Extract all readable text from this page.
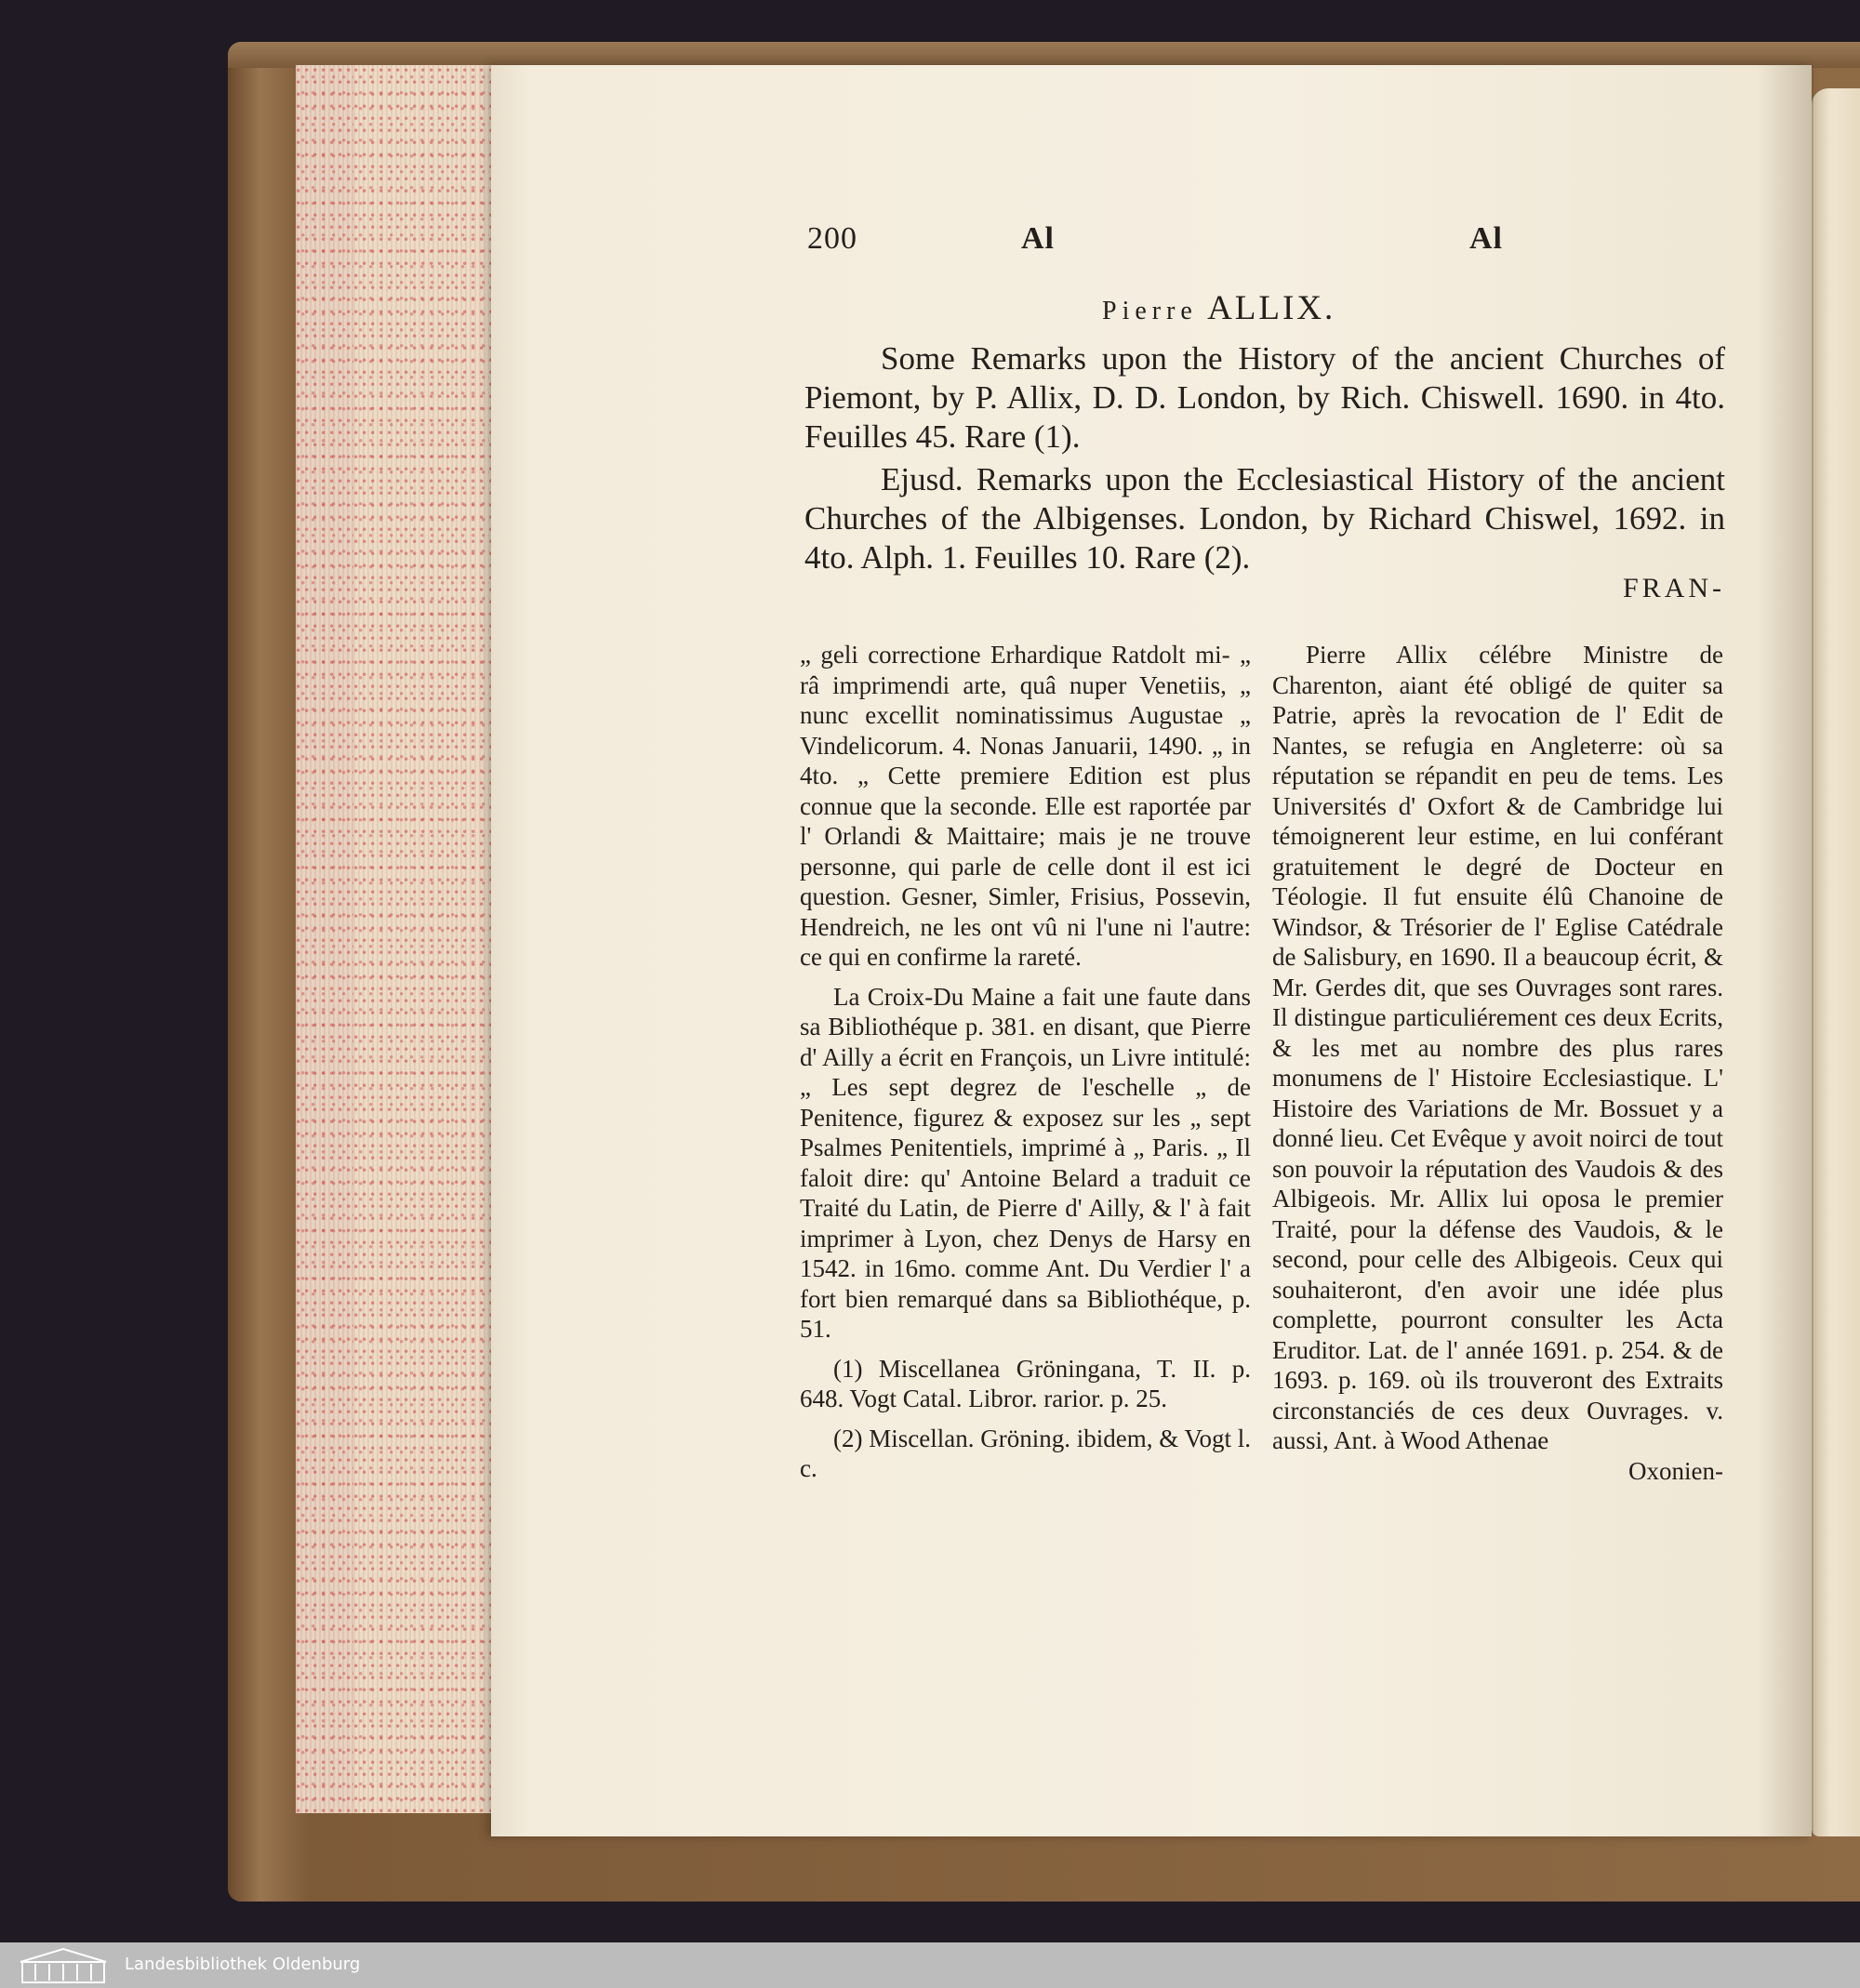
200	Al	Al
Pierre ALLIX.

Some Remarks upon the History of the ancient Churches of Piemont, by P. Allix, D. D. London, by Rich. Chiswell. 1690. in 4to. Feuilles 45. Rare (1).

Ejusd. Remarks upon the Ecclesiastical History of the ancient Churches of the Albigenses. London, by Richard Chiswel, 1692. in 4to. Alph. 1. Feuilles 10. Rare (2).

FRAN-

„ geli correctione Erhardique Ratdolt mi- „ râ imprimendi arte, quâ nuper Venetiis, „ nunc excellit nominatissimus Augustae „ Vindelicorum. 4. Nonas Januarii, 1490. „ in 4to. „ Cette premiere Edition est plus connue que la seconde. Elle est raportée par l' Orlandi & Maittaire; mais je ne trouve personne, qui parle de celle dont il est ici question. Gesner, Simler, Frisius, Possevin, Hendreich, ne les ont vû ni l'une ni l'autre: ce qui en confirme la rareté.

La Croix-Du Maine a fait une faute dans sa Bibliothéque p. 381. en disant, que Pierre d' Ailly a écrit en François, un Livre intitulé: „ Les sept degrez de l'eschelle „ de Penitence, figurez & exposez sur les „ sept Psalmes Penitentiels, imprimé à „ Paris. „ Il faloit dire: qu' Antoine Belard a traduit ce Traité du Latin, de Pierre d' Ailly, & l' à fait imprimer à Lyon, chez Denys de Harsy en 1542. in 16mo. comme Ant. Du Verdier l' a fort bien remarqué dans sa Bibliothéque, p. 51.

(1) Miscellanea Gröningana, T. II. p. 648. Vogt Catal. Libror. rarior. p. 25.

(2) Miscellan. Gröning. ibidem, & Vogt l. c.

Pierre Allix célébre Ministre de Charenton, aiant été obligé de quiter sa Patrie, après la revocation de l' Edit de Nantes, se refugia en Angleterre: où sa réputation se répandit en peu de tems. Les Universités d' Oxfort & de Cambridge lui témoignerent leur estime, en lui conférant gratuitement le degré de Docteur en Téologie. Il fut ensuite élû Chanoine de Windsor, & Trésorier de l' Eglise Catédrale de Salisbury, en 1690. Il a beaucoup écrit, & Mr. Gerdes dit, que ses Ouvrages sont rares. Il distingue particuliérement ces deux Ecrits, & les met au nombre des plus rares monumens de l' Histoire Ecclesiastique. L' Histoire des Variations de Mr. Bossuet y a donné lieu. Cet Evêque y avoit noirci de tout son pouvoir la réputation des Vaudois & des Albigeois. Mr. Allix lui oposa le premier Traité, pour la défense des Vaudois, & le second, pour celle des Albigeois. Ceux qui souhaiteront, d'en avoir une idée plus complette, pourront consulter les Acta Eruditor. Lat. de l' année 1691. p. 254. & de 1693. p. 169. où ils trouveront des Extraits circonstanciés de ces deux Ouvrages. v. aussi, Ant. à Wood Athenae

Oxonien-

Landesbibliothek Oldenburg
